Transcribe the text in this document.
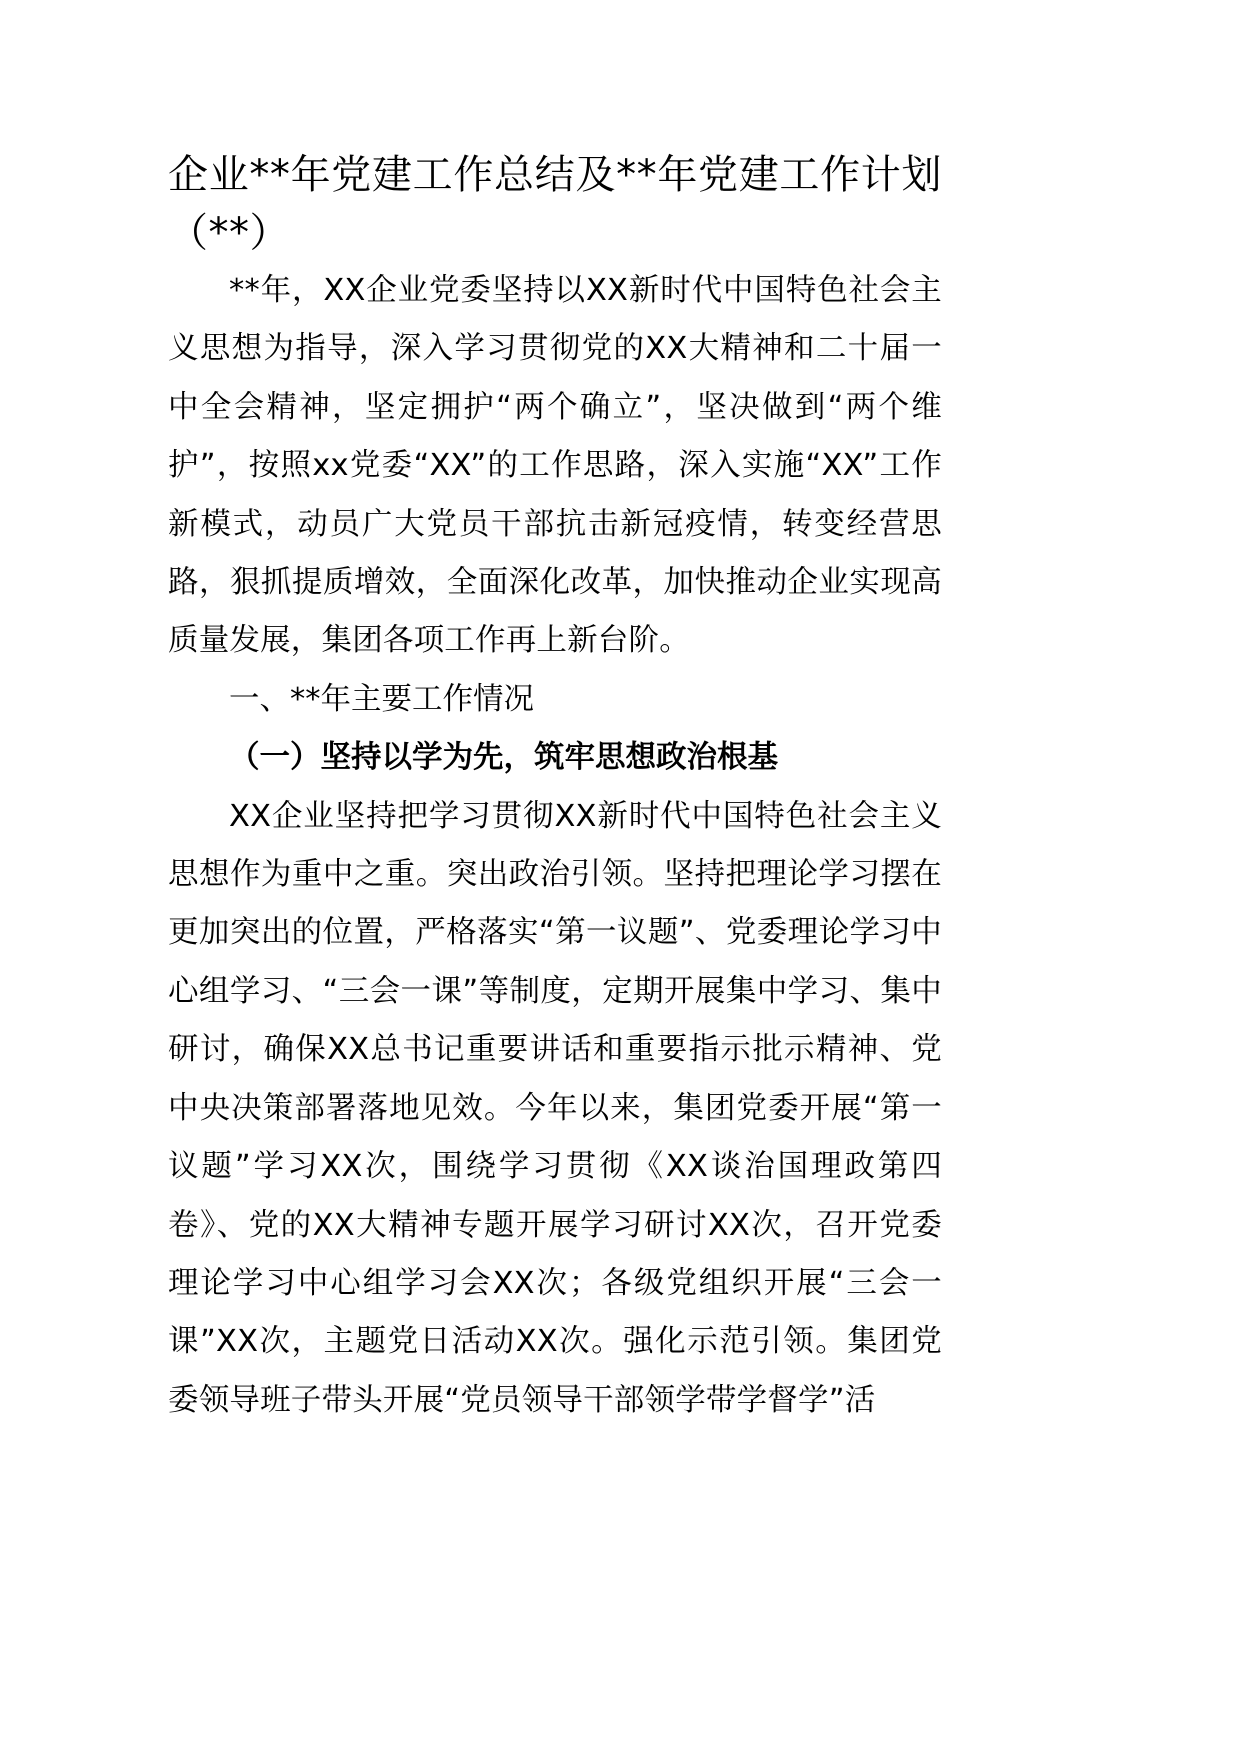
企业**年党建工作总结及**年党建工作计划（**）

**年，XX企业党委坚持以XX新时代中国特色社会主义思想为指导，深入学习贯彻党的XX大精神和二十届一中全会精神，坚定拥护“两个确立”，坚决做到“两个维护”，按照xx党委“XX”的工作思路，深入实施“XX”工作新模式，动员广大党员干部抗击新冠疫情，转变经营思路，狠抓提质增效，全面深化改革，加快推动企业实现高质量发展，集团各项工作再上新台阶。

一、**年主要工作情况

（一）坚持以学为先，筑牢思想政治根基

XX企业坚持把学习贯彻XX新时代中国特色社会主义思想作为重中之重。突出政治引领。坚持把理论学习摆在更加突出的位置，严格落实“第一议题”、党委理论学习中心组学习、“三会一课”等制度，定期开展集中学习、集中研讨，确保XX总书记重要讲话和重要指示批示精神、党中央决策部署落地见效。今年以来，集团党委开展“第一议题”学习XX次，围绕学习贯彻《XX谈治国理政第四卷》、党的XX大精神专题开展学习研讨XX次，召开党委理论学习中心组学习会XX次；各级党组织开展“三会一课”XX次，主题党日活动XX次。强化示范引领。集团党委领导班子带头开展“党员领导干部领学带学督学”活
